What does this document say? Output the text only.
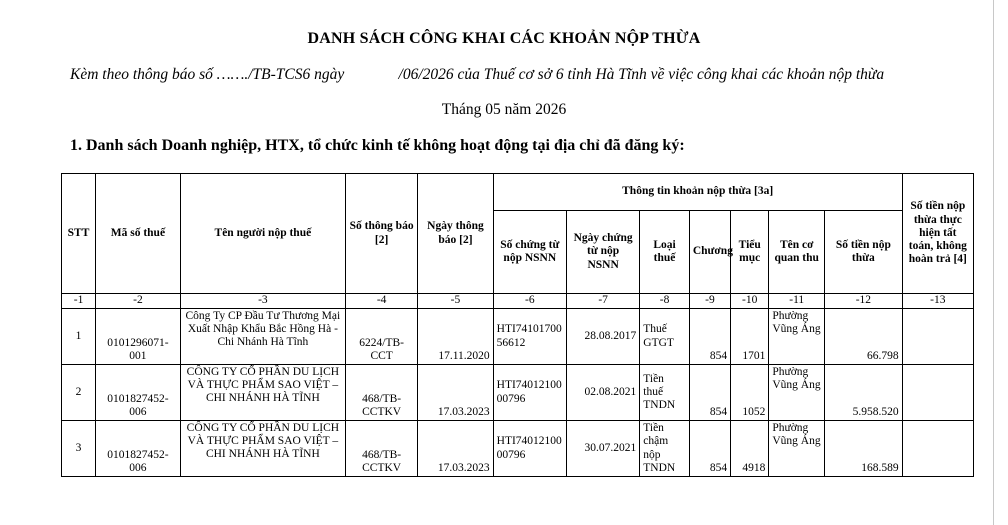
DANH SÁCH CÔNG KHAI CÁC KHOẢN NỘP THỪA
Kèm theo thông báo số ……./TB-TCS6 ngày              /06/2026 của Thuế cơ sở 6 tỉnh Hà Tĩnh về việc công khai các khoản nộp thừa
Tháng 05 năm 2026
1. Danh sách Doanh nghiệp, HTX, tổ chức kinh tế không hoạt động tại địa chỉ đã đăng ký:
STT	Mã số thuế	Tên người nộp thuế	Số thông báo [2]	Ngày thông báo [2]	Thông tin khoản nộp thừa [3a]							Số tiền nộp thừa thực hiện tất toán, không hoàn trả [4]
					Số chứng từ nộp NSNN	Ngày chứng từ nộp NSNN	Loại thuế	Chương	Tiểu mục	Tên cơ quan thu	Số tiền nộp thừa	
-1	-2	-3	-4	-5	-6	-7	-8	-9	-10	-11	-12	-13
1	0101296071-001	Công Ty CP Đầu Tư Thương Mại Xuất Nhập Khẩu Bắc Hồng Hà - Chi Nhánh Hà Tĩnh	6224/TB-CCT	17.11.2020	HTI7410170056612	28.08.2017	Thuế GTGT	854	1701	Phường Vũng Áng	66.798	
2	0101827452-006	CÔNG TY CỔ PHẦN DU LỊCH VÀ THỰC PHẨM SAO VIỆT – CHI NHÁNH HÀ TĨNH	468/TB-CCTKV	17.03.2023	HTI7401210000796	02.08.2021	Tiền thuế TNDN	854	1052	Phường Vũng Áng	5.958.520	
3	0101827452-006	CÔNG TY CỔ PHẦN DU LỊCH VÀ THỰC PHẨM SAO VIỆT – CHI NHÁNH HÀ TĨNH	468/TB-CCTKV	17.03.2023	HTI7401210000796	30.07.2021	Tiền chậm nộp TNDN	854	4918	Phường Vũng Áng	168.589	
